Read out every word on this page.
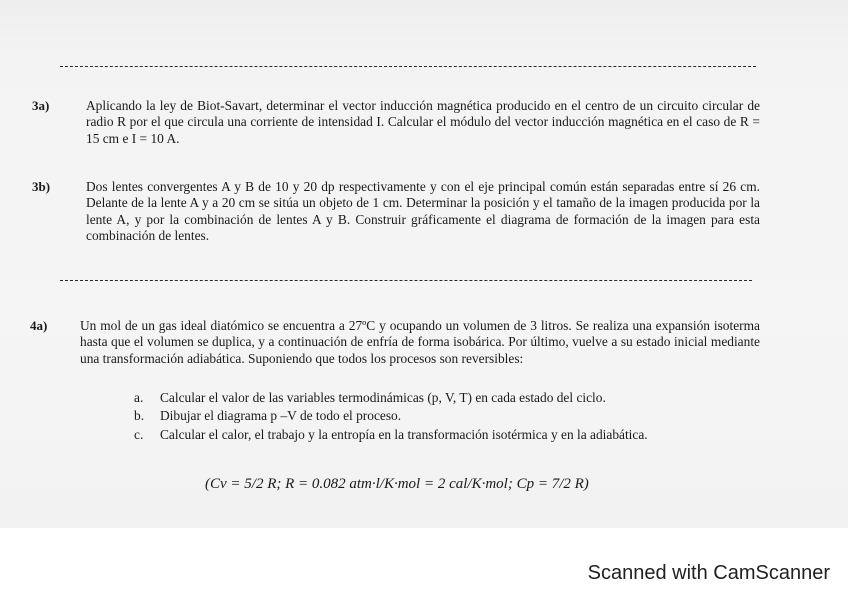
3a)	Aplicando la ley de Biot-Savart, determinar el vector inducción magnética producido en el centro de un circuito circular de radio R por el que circula una corriente de intensidad I. Calcular el módulo del vector inducción magnética en el caso de R = 15 cm e I = 10 A.
3b)	Dos lentes convergentes A y B de 10 y 20 dp respectivamente y con el eje principal común están separadas entre sí 26 cm. Delante de la lente A y a 20 cm se sitúa un objeto de 1 cm. Determinar la posición y el tamaño de la imagen producida por la lente A, y por la combinación de lentes A y B. Construir gráficamente el diagrama de formación de la imagen para esta combinación de lentes.
4a) Un mol de un gas ideal diatómico se encuentra a 27ºC y ocupando un volumen de 3 litros. Se realiza una expansión isoterma hasta que el volumen se duplica, y a continuación de enfría de forma isobárica. Por último, vuelve a su estado inicial mediante una transformación adiabática. Suponiendo que todos los procesos son reversibles:
a.	Calcular el valor de las variables termodinámicas (p, V, T) en cada estado del ciclo.
b.	Dibujar el diagrama p –V de todo el proceso.
c.	Calcular el calor, el trabajo y la entropía en la transformación isotérmica y en la adiabática.
(Cv = 5/2 R; R = 0.082 atm·l/K·mol = 2 cal/K·mol; Cp = 7/2 R)
Scanned with CamScanner
